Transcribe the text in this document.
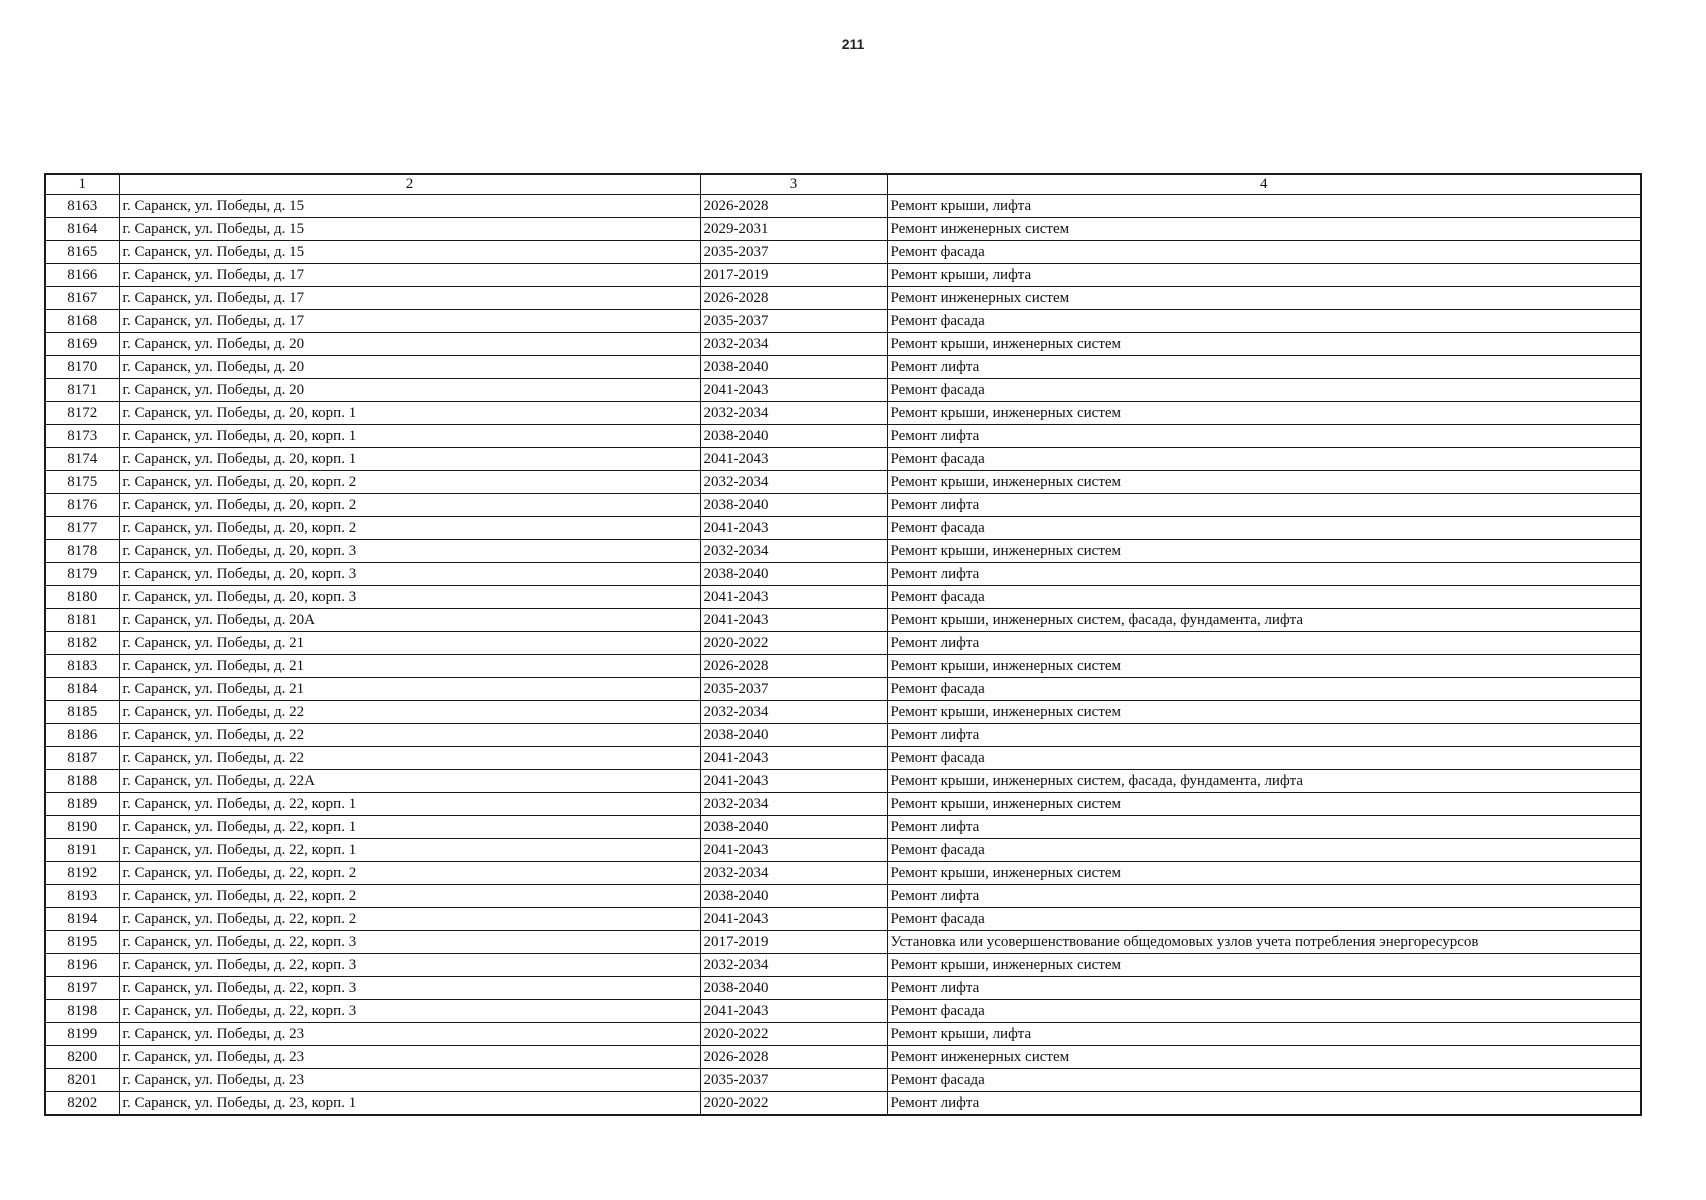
211
1	2	3	4
8163	г. Саранск, ул. Победы, д. 15	2026-2028	Ремонт крыши, лифта
8164	г. Саранск, ул. Победы, д. 15	2029-2031	Ремонт инженерных систем
8165	г. Саранск, ул. Победы, д. 15	2035-2037	Ремонт фасада
8166	г. Саранск, ул. Победы, д. 17	2017-2019	Ремонт крыши, лифта
8167	г. Саранск, ул. Победы, д. 17	2026-2028	Ремонт инженерных систем
8168	г. Саранск, ул. Победы, д. 17	2035-2037	Ремонт фасада
8169	г. Саранск, ул. Победы, д. 20	2032-2034	Ремонт крыши, инженерных систем
8170	г. Саранск, ул. Победы, д. 20	2038-2040	Ремонт лифта
8171	г. Саранск, ул. Победы, д. 20	2041-2043	Ремонт фасада
8172	г. Саранск, ул. Победы, д. 20, корп. 1	2032-2034	Ремонт крыши, инженерных систем
8173	г. Саранск, ул. Победы, д. 20, корп. 1	2038-2040	Ремонт лифта
8174	г. Саранск, ул. Победы, д. 20, корп. 1	2041-2043	Ремонт фасада
8175	г. Саранск, ул. Победы, д. 20, корп. 2	2032-2034	Ремонт крыши, инженерных систем
8176	г. Саранск, ул. Победы, д. 20, корп. 2	2038-2040	Ремонт лифта
8177	г. Саранск, ул. Победы, д. 20, корп. 2	2041-2043	Ремонт фасада
8178	г. Саранск, ул. Победы, д. 20, корп. 3	2032-2034	Ремонт крыши, инженерных систем
8179	г. Саранск, ул. Победы, д. 20, корп. 3	2038-2040	Ремонт лифта
8180	г. Саранск, ул. Победы, д. 20, корп. 3	2041-2043	Ремонт фасада
8181	г. Саранск, ул. Победы, д. 20А	2041-2043	Ремонт крыши, инженерных систем, фасада, фундамента, лифта
8182	г. Саранск, ул. Победы, д. 21	2020-2022	Ремонт лифта
8183	г. Саранск, ул. Победы, д. 21	2026-2028	Ремонт крыши, инженерных систем
8184	г. Саранск, ул. Победы, д. 21	2035-2037	Ремонт фасада
8185	г. Саранск, ул. Победы, д. 22	2032-2034	Ремонт крыши, инженерных систем
8186	г. Саранск, ул. Победы, д. 22	2038-2040	Ремонт лифта
8187	г. Саранск, ул. Победы, д. 22	2041-2043	Ремонт фасада
8188	г. Саранск, ул. Победы, д. 22А	2041-2043	Ремонт крыши, инженерных систем, фасада, фундамента, лифта
8189	г. Саранск, ул. Победы, д. 22, корп. 1	2032-2034	Ремонт крыши, инженерных систем
8190	г. Саранск, ул. Победы, д. 22, корп. 1	2038-2040	Ремонт лифта
8191	г. Саранск, ул. Победы, д. 22, корп. 1	2041-2043	Ремонт фасада
8192	г. Саранск, ул. Победы, д. 22, корп. 2	2032-2034	Ремонт крыши, инженерных систем
8193	г. Саранск, ул. Победы, д. 22, корп. 2	2038-2040	Ремонт лифта
8194	г. Саранск, ул. Победы, д. 22, корп. 2	2041-2043	Ремонт фасада
8195	г. Саранск, ул. Победы, д. 22, корп. 3	2017-2019	Установка или усовершенствование общедомовых узлов учета потребления энергоресурсов
8196	г. Саранск, ул. Победы, д. 22, корп. 3	2032-2034	Ремонт крыши, инженерных систем
8197	г. Саранск, ул. Победы, д. 22, корп. 3	2038-2040	Ремонт лифта
8198	г. Саранск, ул. Победы, д. 22, корп. 3	2041-2043	Ремонт фасада
8199	г. Саранск, ул. Победы, д. 23	2020-2022	Ремонт крыши, лифта
8200	г. Саранск, ул. Победы, д. 23	2026-2028	Ремонт инженерных систем
8201	г. Саранск, ул. Победы, д. 23	2035-2037	Ремонт фасада
8202	г. Саранск, ул. Победы, д. 23, корп. 1	2020-2022	Ремонт лифта
